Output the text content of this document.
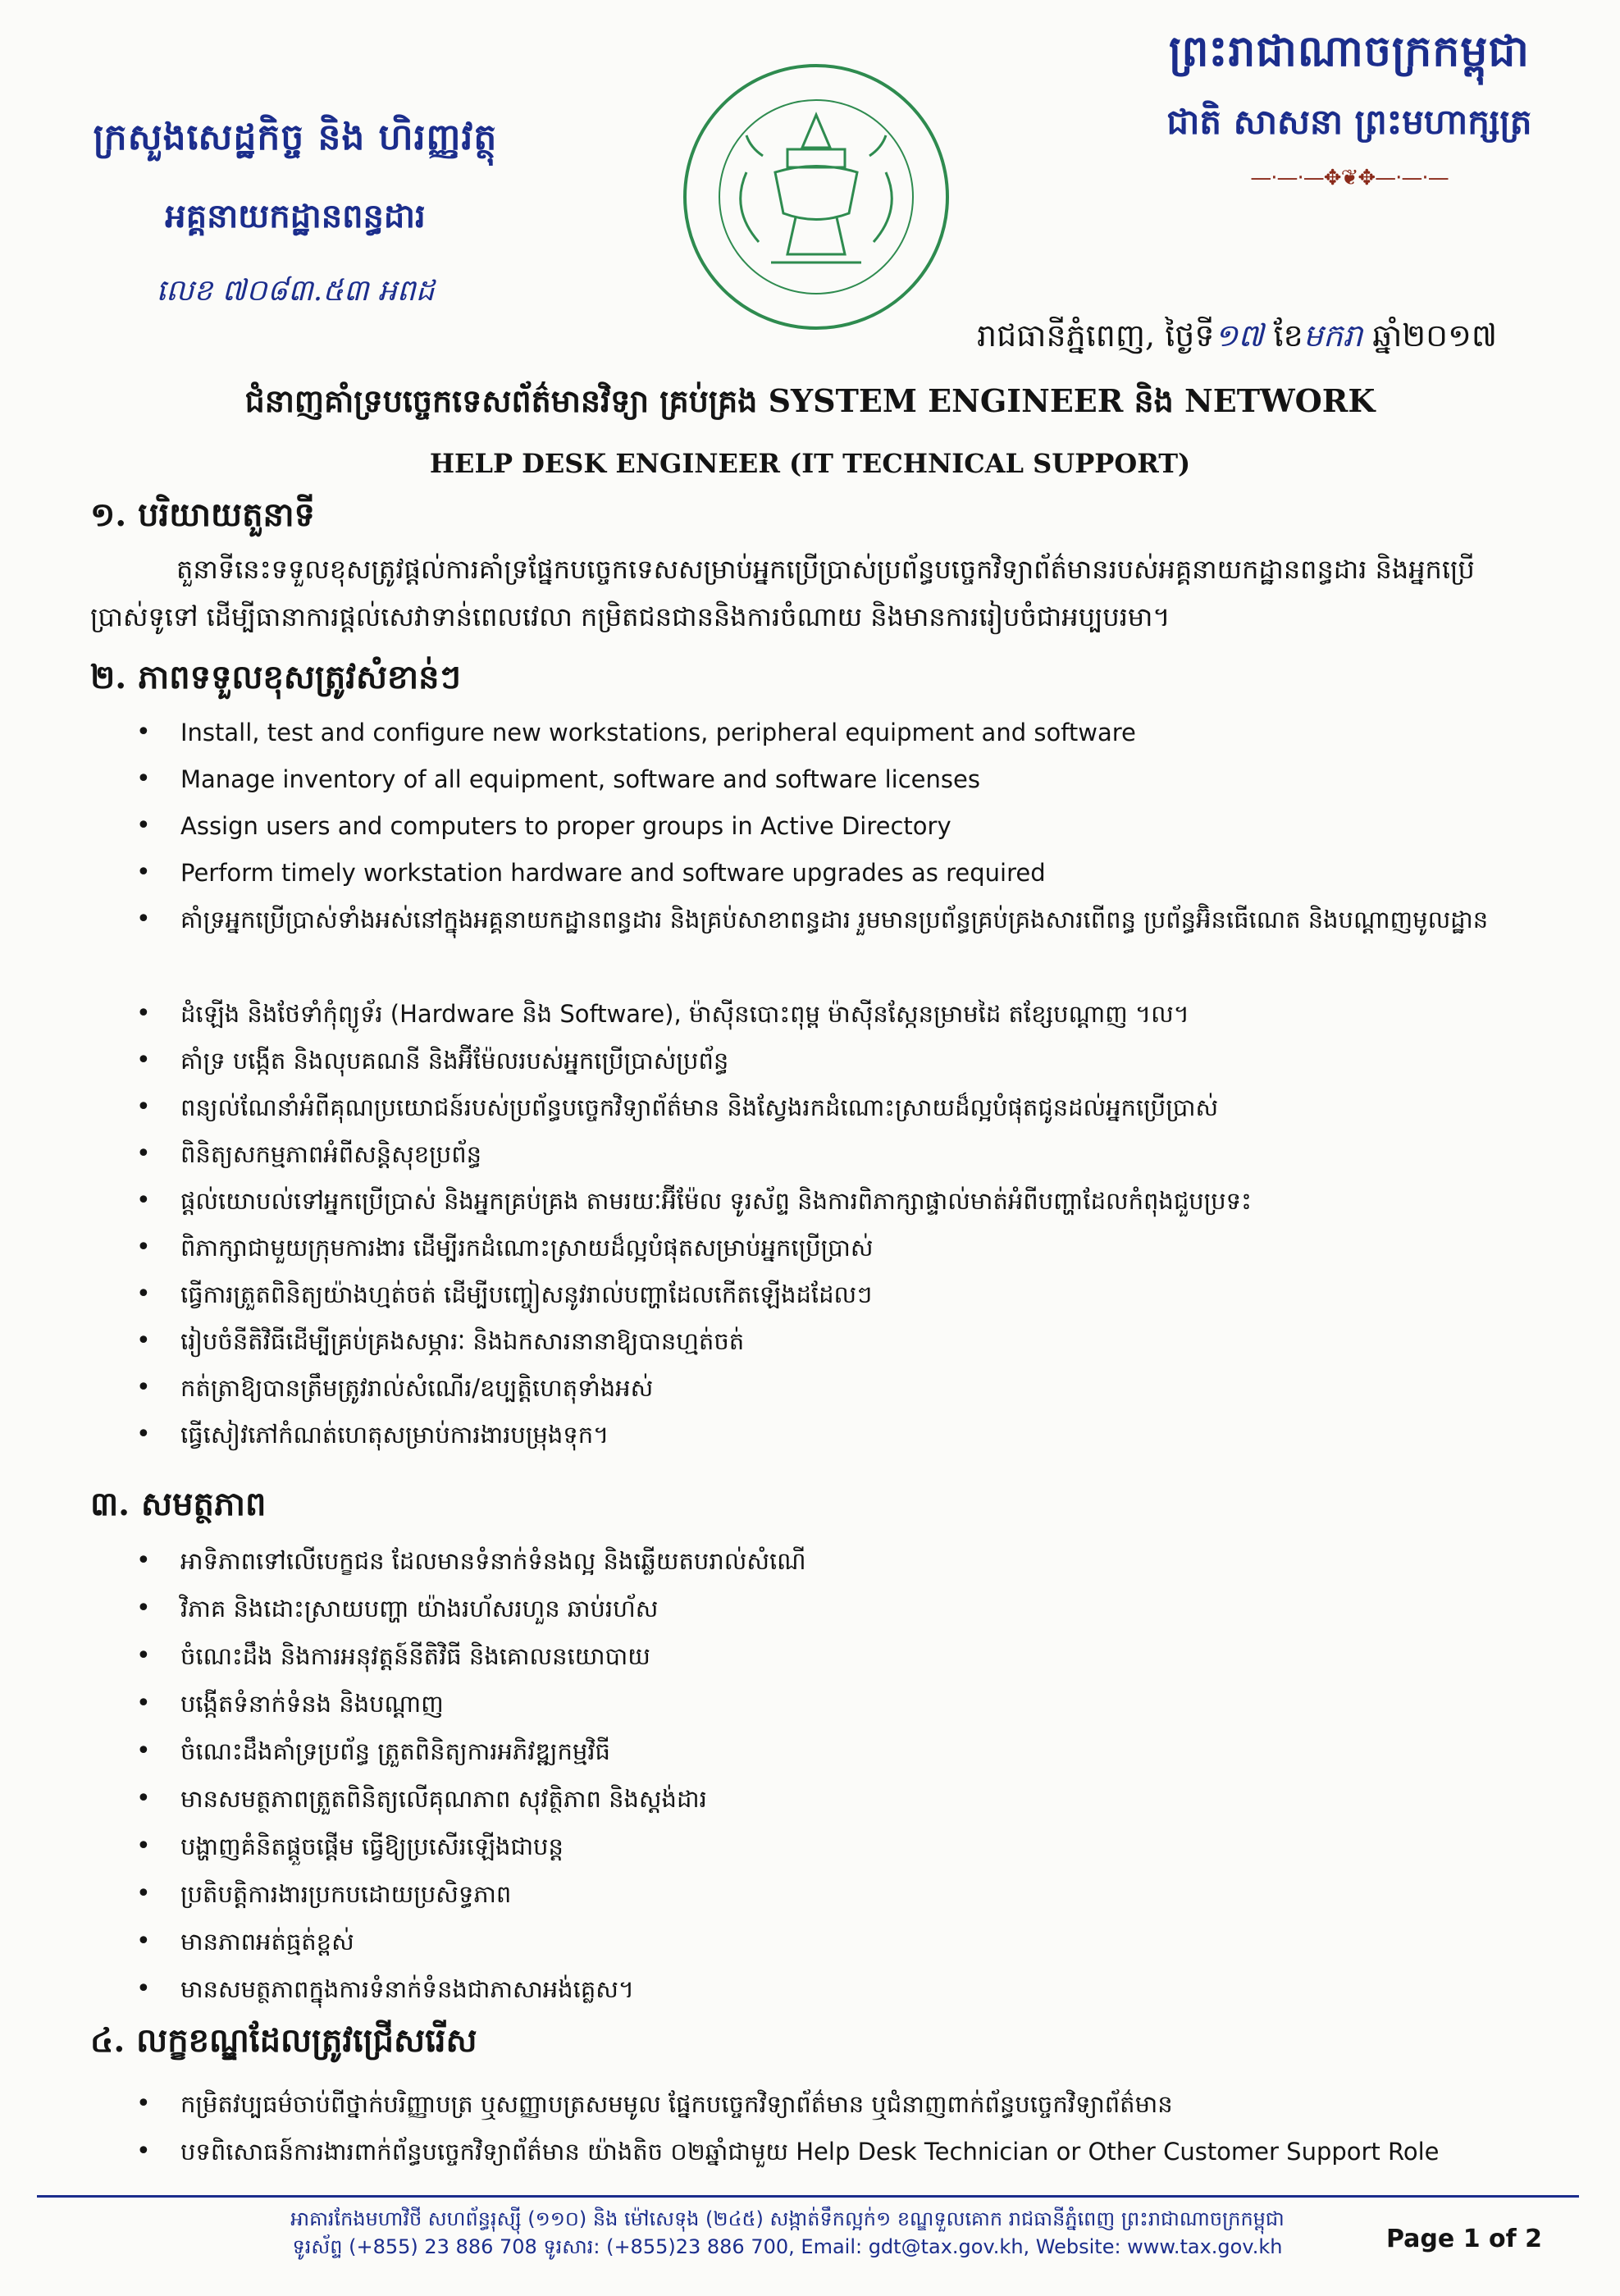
ក្រសួងសេដ្ឋកិច្ច និង ហិរញ្ញវត្ថុ
អគ្គនាយកដ្ឋានពន្ធដារ
លេខ ៧០៨៣.៥៣ អពដ
ព្រះរាជាណាចក្រកម្ពុជា
ជាតិ សាសនា ព្រះមហាក្សត្រ
—·—·—✥❦✥—·—·—
រាជធានីភ្នំពេញ, ថ្ងៃទី១៧ ខែមករា ឆ្នាំ២០១៧
ជំនាញគាំទ្របច្ចេកទេសព័ត៌មានវិទ្យា គ្រប់គ្រង SYSTEM ENGINEER និង NETWORK
HELP DESK ENGINEER (IT TECHNICAL SUPPORT)
១. បរិយាយតួនាទី
តួនាទីនេះទទួលខុសត្រូវផ្តល់ការគាំទ្រផ្នែកបច្ចេកទេសសម្រាប់អ្នកប្រើប្រាស់ប្រព័ន្ធបច្ចេកវិទ្យាព័ត៌មានរបស់អគ្គនាយកដ្ឋានពន្ធដារ និងអ្នកប្រើប្រាស់ទូទៅ ដើម្បីធានាការផ្តល់សេវាទាន់ពេលវេលា កម្រិតជនជាននិងការចំណាយ និងមានការរៀបចំជាអប្បបរមា។
២. ភាពទទួលខុសត្រូវសំខាន់ៗ
• Install, test and configure new workstations, peripheral equipment and software
• Manage inventory of all equipment, software and software licenses
• Assign users and computers to proper groups in Active Directory
• Perform timely workstation hardware and software upgrades as required
• គាំទ្រអ្នកប្រើប្រាស់ទាំងអស់នៅក្នុងអគ្គនាយកដ្ឋានពន្ធដារ និងគ្រប់សាខាពន្ធដារ រួមមានប្រព័ន្ធគ្រប់គ្រងសារពើពន្ធ ប្រព័ន្ធអ៊ិនធើណេត និងបណ្តាញមូលដ្ឋាន
• ដំឡើង និងថែទាំកុំព្យូទ័រ (Hardware និង Software), ម៉ាស៊ីនបោះពុម្ព ម៉ាស៊ីនស្កែនម្រាមដៃ តខ្សែបណ្តាញ ។ល។
• គាំទ្រ បង្កើត និងលុបគណនី និងអ៊ីម៉ែលរបស់អ្នកប្រើប្រាស់ប្រព័ន្ធ
• ពន្យល់ណែនាំអំពីគុណប្រយោជន៍របស់ប្រព័ន្ធបច្ចេកវិទ្យាព័ត៌មាន និងស្វែងរកដំណោះស្រាយដ៏ល្អបំផុតជូនដល់អ្នកប្រើប្រាស់
• ពិនិត្យសកម្មភាពអំពីសន្តិសុខប្រព័ន្ធ
• ផ្តល់យោបល់ទៅអ្នកប្រើប្រាស់ និងអ្នកគ្រប់គ្រង តាមរយៈអ៊ីម៉ែល ទូរស័ព្ទ និងការពិភាក្សាផ្ទាល់មាត់អំពីបញ្ហាដែលកំពុងជួបប្រទះ
• ពិភាក្សាជាមួយក្រុមការងារ ដើម្បីរកដំណោះស្រាយដ៏ល្អបំផុតសម្រាប់អ្នកប្រើប្រាស់
• ធ្វើការត្រួតពិនិត្យយ៉ាងហ្មត់ចត់ ដើម្បីបញ្ចៀសនូវរាល់បញ្ហាដែលកើតឡើងដដែលៗ
• រៀបចំនីតិវិធីដើម្បីគ្រប់គ្រងសម្ភារៈ និងឯកសារនានាឱ្យបានហ្មត់ចត់
• កត់ត្រាឱ្យបានត្រឹមត្រូវរាល់សំណើរ/ឧប្បត្តិហេតុទាំងអស់
• ធ្វើសៀវភៅកំណត់ហេតុសម្រាប់ការងារបម្រុងទុក។
៣. សមត្ថភាព
• អាទិភាពទៅលើបេក្ខជន ដែលមានទំនាក់ទំនងល្អ និងឆ្លើយតបរាល់សំណើ
• វិភាគ និងដោះស្រាយបញ្ហា យ៉ាងរហ័សរហួន ឆាប់រហ័ស
• ចំណេះដឹង និងការអនុវត្តន៍នីតិវិធី និងគោលនយោបាយ
• បង្កើតទំនាក់ទំនង និងបណ្តាញ
• ចំណេះដឹងគាំទ្រប្រព័ន្ធ ត្រួតពិនិត្យការអភិវឌ្ឍកម្មវិធី
• មានសមត្ថភាពត្រួតពិនិត្យលើគុណភាព សុវត្ថិភាព និងស្តង់ដារ
• បង្ហាញគំនិតផ្តួចផ្តើម ធ្វើឱ្យប្រសើរឡើងជាបន្ត
• ប្រតិបត្តិការងារប្រកបដោយប្រសិទ្ធភាព
• មានភាពអត់ធ្មត់ខ្ពស់
• មានសមត្ថភាពក្នុងការទំនាក់ទំនងជាភាសាអង់គ្លេស។
៤. លក្ខខណ្ឌដែលត្រូវជ្រើសរើស
• កម្រិតវប្បធម៌ចាប់ពីថ្នាក់បរិញ្ញាបត្រ ឬសញ្ញាបត្រសមមូល ផ្នែកបច្ចេកវិទ្យាព័ត៌មាន ឬជំនាញពាក់ព័ន្ធបច្ចេកវិទ្យាព័ត៌មាន
• បទពិសោធន៍ការងារពាក់ព័ន្ធបច្ចេកវិទ្យាព័ត៌មាន យ៉ាងតិច ០២ឆ្នាំជាមួយ Help Desk Technician or Other Customer Support Role
អាគារកែងមហាវិថី សហព័ន្ធរុស្ស៊ី (១១០) និង ម៉ៅសេទុង (២៤៥) សង្កាត់ទឹកល្អក់១ ខណ្ឌទួលគោក រាជធានីភ្នំពេញ ព្រះរាជាណាចក្រកម្ពុជា
ទូរស័ព្ទ (+855) 23 886 708 ទូរសារ: (+855)23 886 700, Email: gdt@tax.gov.kh, Website: www.tax.gov.kh	Page 1 of 2
